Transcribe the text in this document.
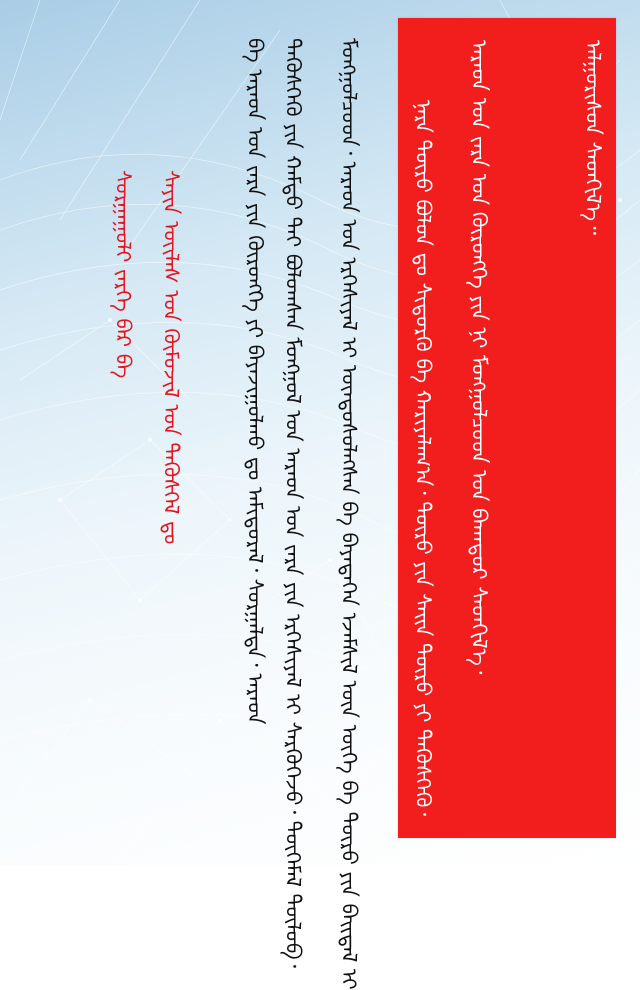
ᠠᠯᠭᠣᠷᠢᠰᠤᠨ ᠰᠡᠳᠭᠢᠯ᠎ᠡ᠃
ᠠᠷᠠᠳ ᠤᠨ ᠵᠠᠷᠠ ᠤᠨ ᠬᠦᠷᠦᠩᠭᠡ ᠶᠢᠨ ᠨᠢ ᠮᠣᠩᠭᠣᠯᠴᠤᠳ ᠤᠨ ᠪᠠᠬᠠᠳᠤᠷ ᠰᠡᠳᠭᠢᠯ᠎ᠡ᠂
ᠨᠡᠷᠡ ᠲᠥᠷᠥ ᠪᠣᠯᠤᠨ ᠳᠤ ᠰᠢᠳᠦᠷᠭᠦ ᠪᠠ ᠬᠠᠷᠢᠶᠠᠯᠠᠭ᠎ᠠ᠂ ᠲᠥᠷᠥ ᠶᠢᠨ ᠰᠠᠢᠨ ᠲᠥᠷᠥ ᠶᠢ ᠲᠡᠭᠦᠰᠭᠡᠬᠦ᠂
ᠮᠣᠩᠭᠣᠯᠴᠤᠳ᠂ ᠠᠷᠠᠳ ᠤᠨ ᠡᠷᠬᠡᠰᠢᠶᠡᠯ ᠢ ᠦᠨᠳᠦᠰᠦᠯᠡᠭᠰᠡᠨ ᠪᠠ ᠪᠡᠶᠡᠳᠡᠬᠡᠨ ᠡᠵᠡᠮᠰᠢᠯ ᠦᠨ ᠦᠭᠡ ᠪᠠ ᠲᠥᠷᠥ ᠶᠢᠨ ᠪᠠᠢᠳᠠᠯ ᠢ
ᠲᠡᠭᠦᠰᠭᠡᠬᠦ ᠶᠢᠨ ᠬᠠᠮᠲᠤ ᠲᠠᠢ ᠪᠣᠯᠤᠭᠰᠠᠨ ᠮᠣᠩᠭᠣᠯ ᠤᠨ ᠠᠷᠠᠳ ᠤᠨ ᠵᠠᠷᠠ ᠶᠢᠨ ᠡᠷᠬᠡᠰᠢᠶᠡᠯ ᠢ ᠰᠡᠷᠭᠦᠭᠡᠵᠦ᠂ ᠲᠦᠭᠡᠮᠡᠯ ᠲᠥᠯᠥᠪ᠂
ᠪᠠ ᠠᠷᠠᠳ ᠤᠨ ᠵᠠᠷᠠ ᠶᠢᠨ ᠬᠦᠷᠦᠩᠭᠡ ᠶᠢ ᠪᠠᠶᠠᠵᠢᠭᠤᠯᠬᠤ ᠳᠤ ᠠᠮᠢᠳᠤᠷᠠᠯ᠂ ᠰᠤᠷᠭᠠᠯᠲᠠ᠂ ᠠᠷᠠᠳ
ᠰᠠᠶᠢᠨ ᠦᠢᠯᠡᠰ ᠤᠨ ᠬᠦᠮᠦᠵᠢᠯ ᠤᠨ ᠲᠡᠭᠦᠰᠬᠡᠯ ᠳᠤ
ᠰᠤᠷᠭᠠᠭᠤᠯᠢ ᠵᠡᠷᠭᠡ ᠪᠠᠷ ᠪᠠ
